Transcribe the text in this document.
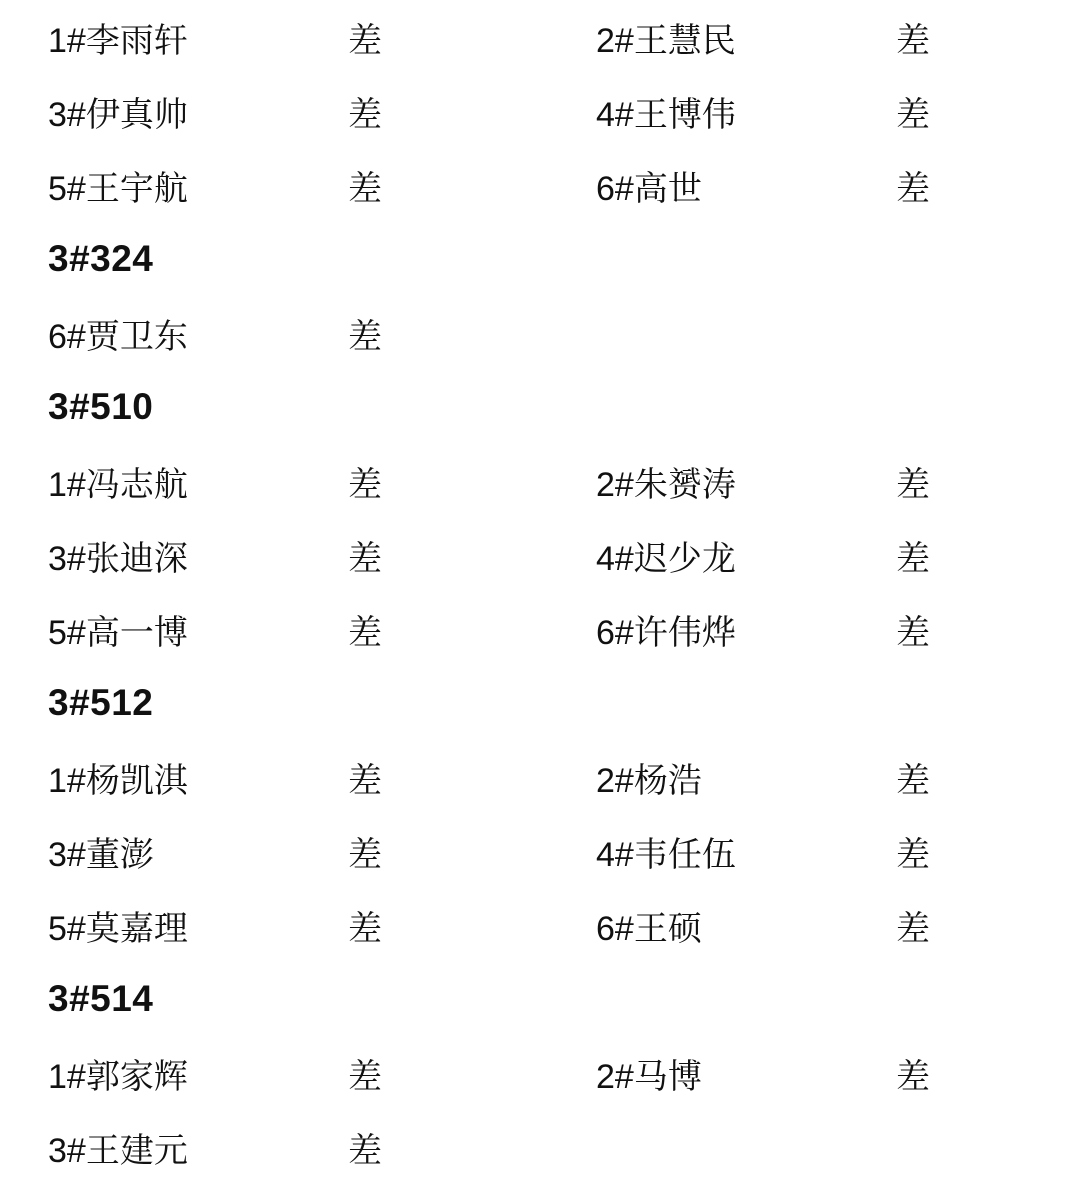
1#李雨轩	差	2#王慧民	差
3#伊真帅	差	4#王博伟	差
5#王宇航	差	6#高世	差
3#324
6#贾卫东	差
3#510
1#冯志航	差	2#朱赟涛	差
3#张迪深	差	4#迟少龙	差
5#高一博	差	6#许伟烨	差
3#512
1#杨凯淇	差	2#杨浩	差
3#董澎	差	4#韦任伍	差
5#莫嘉理	差	6#王硕	差
3#514
1#郭家辉	差	2#马博	差
3#王建元	差
